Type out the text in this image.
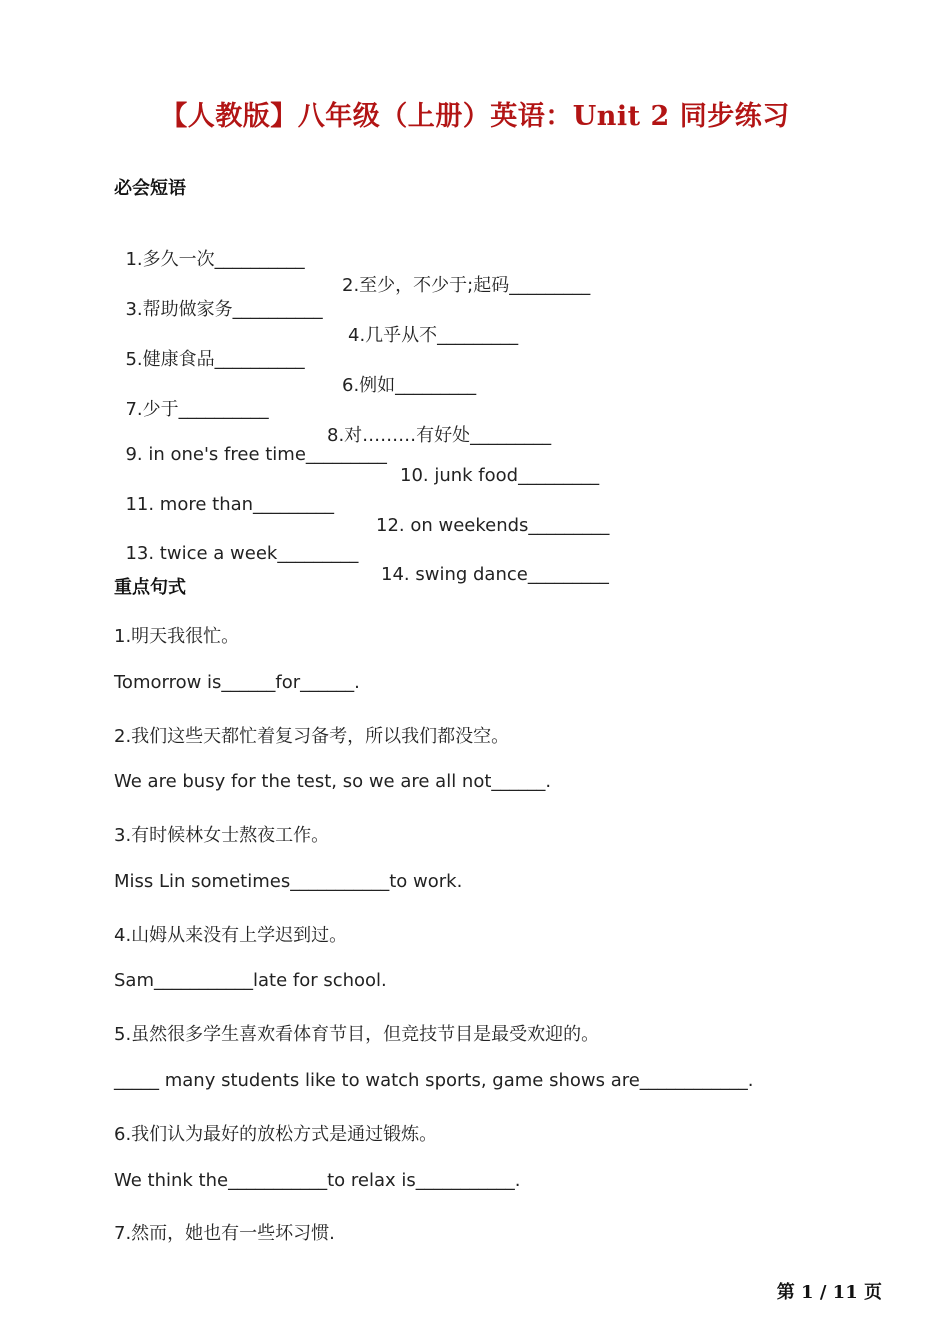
【人教版】八年级（上册）英语：Unit 2 同步练习
必会短语

1.多久一次__________

2.至少，不少于;起码_________

3.帮助做家务__________

4.几乎从不_________

5.健康食品__________

6.例如_________

7.少于__________

8.对………有好处_________

9. in one's free time_________

10. junk food_________

11. more than_________

12. on weekends_________

13. twice a week_________

14. swing dance_________

重点句式
1.明天我很忙。
Tomorrow is______for______.
2.我们这些天都忙着复习备考，所以我们都没空。
We are busy for the test, so we are all not______.
3.有时候林女士熬夜工作。
Miss Lin sometimes___________to work.
4.山姆从来没有上学迟到过。
Sam___________late for school.
5.虽然很多学生喜欢看体育节目，但竞技节目是最受欢迎的。
_____ many students like to watch sports, game shows are____________.
6.我们认为最好的放松方式是通过锻炼。
We think the___________to relax is___________.
7.然而，她也有一些坏习惯.
第 1 / 11 页
